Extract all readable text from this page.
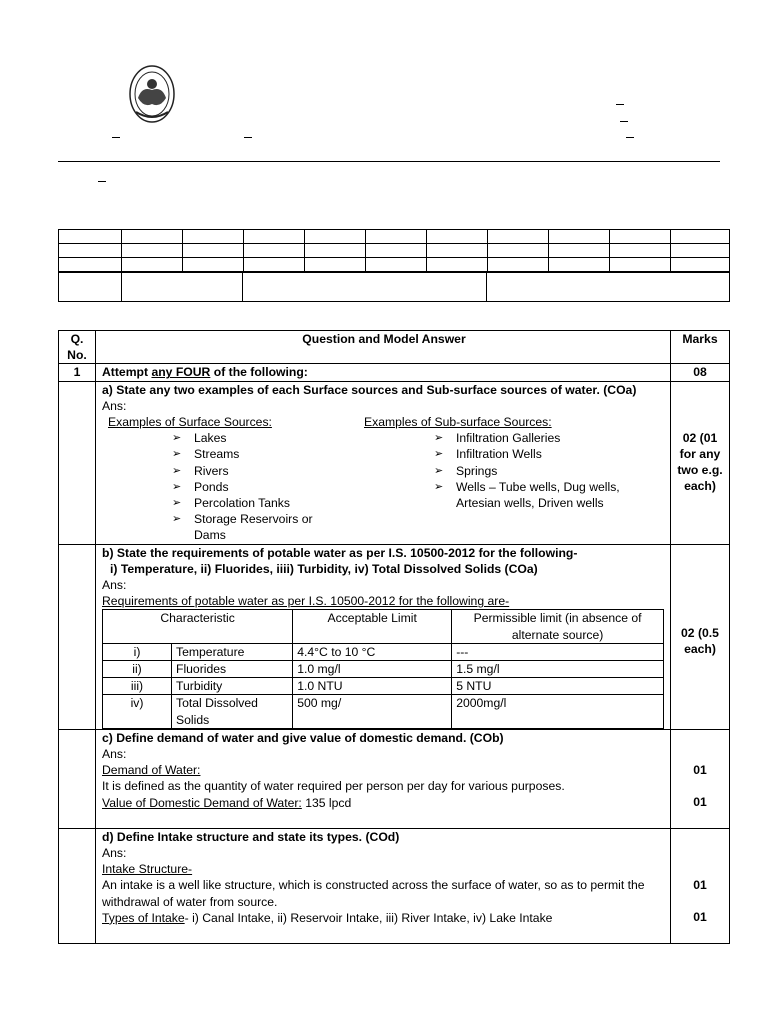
Q. No.
	Question and Model Answer	Marks
1	Attempt any FOUR of the following:	08

a) State any two examples of each Surface sources and Sub-surface sources of water. (COa)
Ans:
Examples of Surface Sources:
➢ Lakes
➢ Streams
➢ Rivers
➢ Ponds
➢ Percolation Tanks
➢ Storage Reservoirs or Dams
Examples of Sub-surface Sources:
➢ Infiltration Galleries
➢ Infiltration Wells
➢ Springs
➢ Wells – Tube wells, Dug wells, Artesian wells, Driven wells

02 (01 for any two e.g. each)

b) State the requirements of potable water as per I.S. 10500-2012 for the following-
i) Temperature, ii) Fluorides, iiii) Turbidity, iv) Total Dissolved Solids (COa)
Ans:
Requirements of potable water as per I.S. 10500-2012 for the following are-
Characteristic	Acceptable Limit	Permissible limit (in absence of alternate source)
i)	Temperature	4.4°C to 10 °C	---
ii)	Fluorides	1.0 mg/l	1.5 mg/l
iii)	Turbidity	1.0 NTU	5 NTU
iv)	Total Dissolved Solids	500 mg/	2000mg/l

02 (0.5 each)

c) Define demand of water and give value of domestic demand. (COb)
Ans:
Demand of Water:
It is defined as the quantity of water required per person per day for various purposes.
Value of Domestic Demand of Water: 135 lpcd

01
01

d) Define Intake structure and state its types. (COd)
Ans:
Intake Structure-
An intake is a well like structure, which is constructed across the surface of water, so as to permit the withdrawal of water from source.
Types of Intake- i) Canal Intake, ii) Reservoir Intake, iii) River Intake, iv) Lake Intake

01
01
